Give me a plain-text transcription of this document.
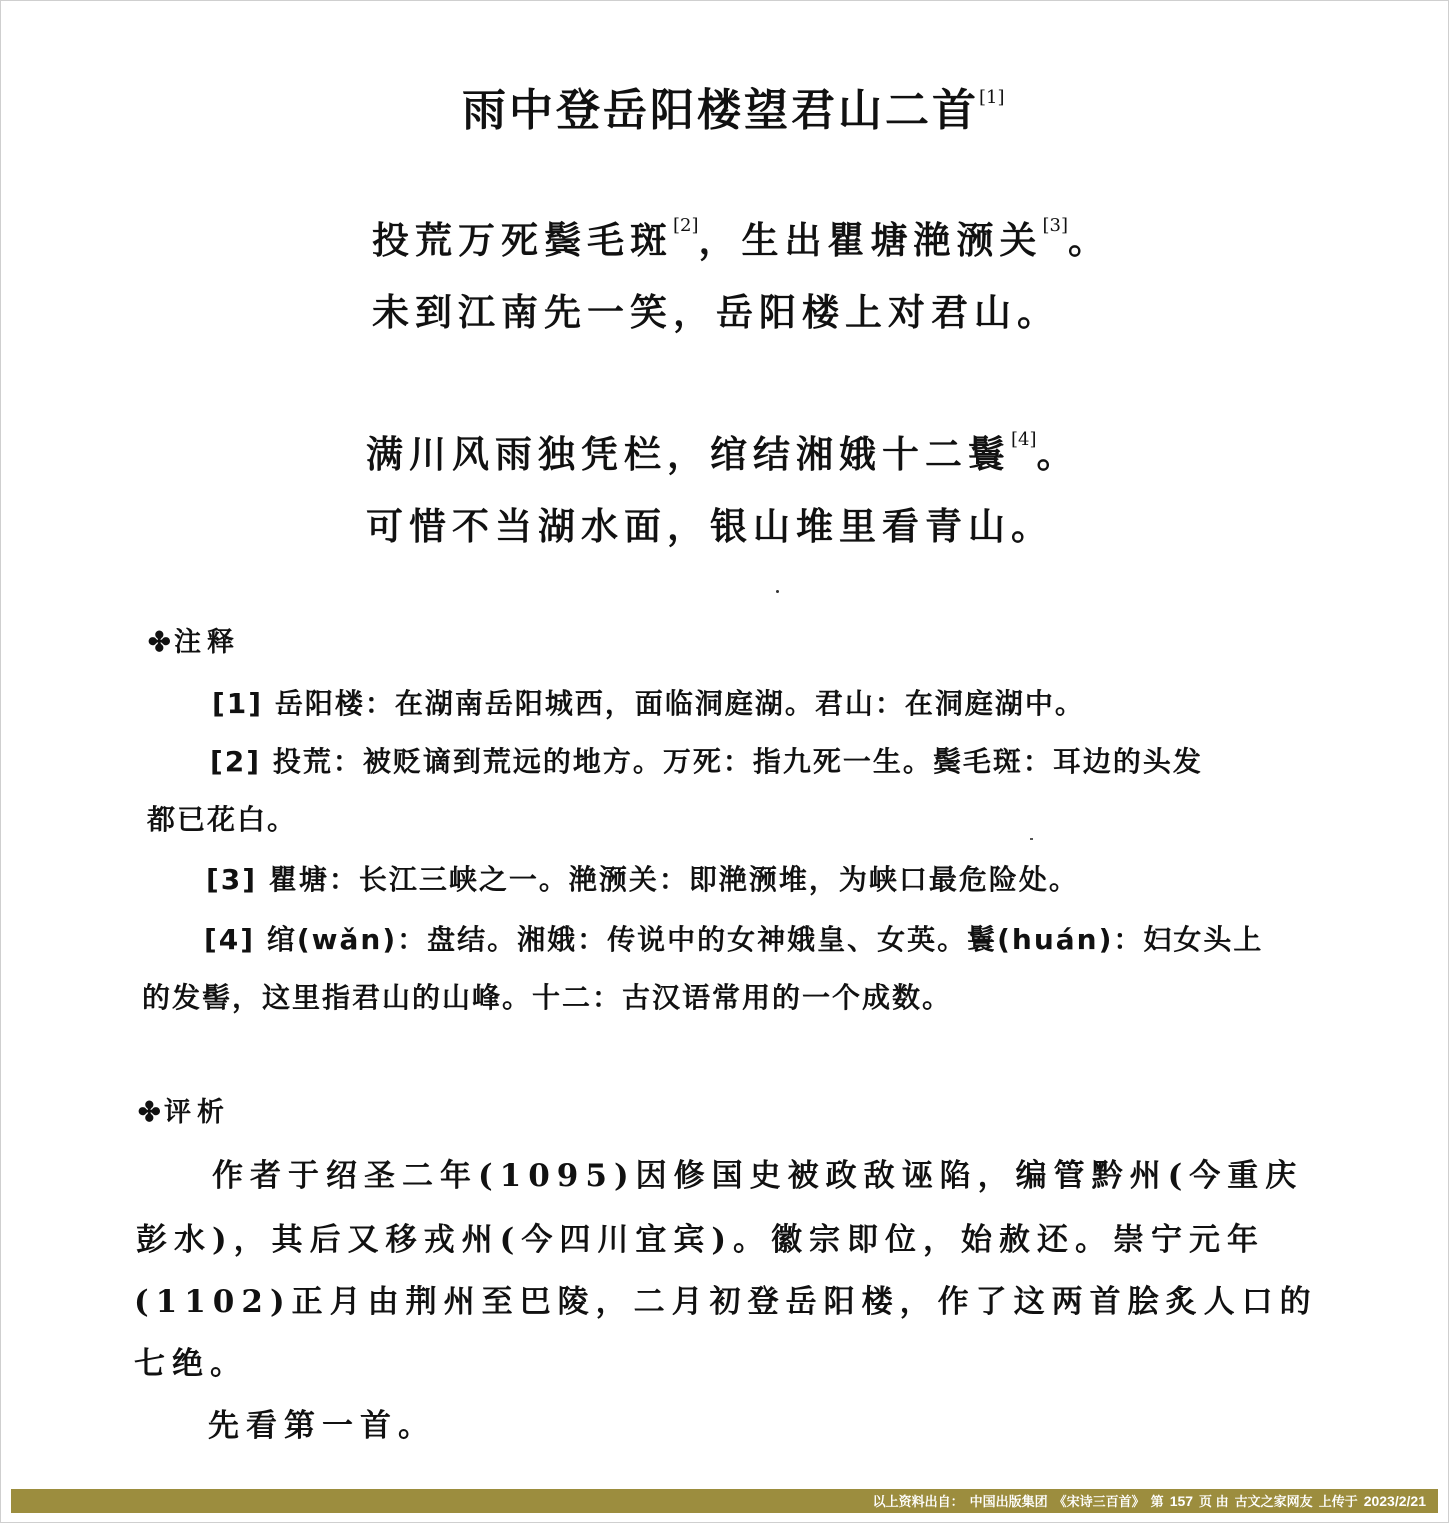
雨中登岳阳楼望君山二首[1]
投荒万死鬓毛斑[2]，生出瞿塘滟滪关[3]。
未到江南先一笑，岳阳楼上对君山。
满川风雨独凭栏，绾结湘娥十二鬟[4]。
可惜不当湖水面，银山堆里看青山。
✤ 注释
[1] 岳阳楼：在湖南岳阳城西，面临洞庭湖。君山：在洞庭湖中。
[2] 投荒：被贬谪到荒远的地方。万死：指九死一生。鬓毛斑：耳边的头发
都已花白。
[3] 瞿塘：长江三峡之一。滟滪关：即滟滪堆，为峡口最危险处。
[4] 绾(wǎn)：盘结。湘娥：传说中的女神娥皇、女英。鬟(huán)：妇女头上
的发髻，这里指君山的山峰。十二：古汉语常用的一个成数。
✤ 评析
作者于绍圣二年(1095)因修国史被政敌诬陷，编管黔州(今重庆
彭水)，其后又移戎州(今四川宜宾)。徽宗即位，始赦还。崇宁元年
(1102)正月由荆州至巴陵，二月初登岳阳楼，作了这两首脍炙人口的
七绝。
先看第一首。
以上资料出自： 中国出版集团 《宋诗三百首》 第 157 页 由 古文之家网友 上传于 2023/2/21
